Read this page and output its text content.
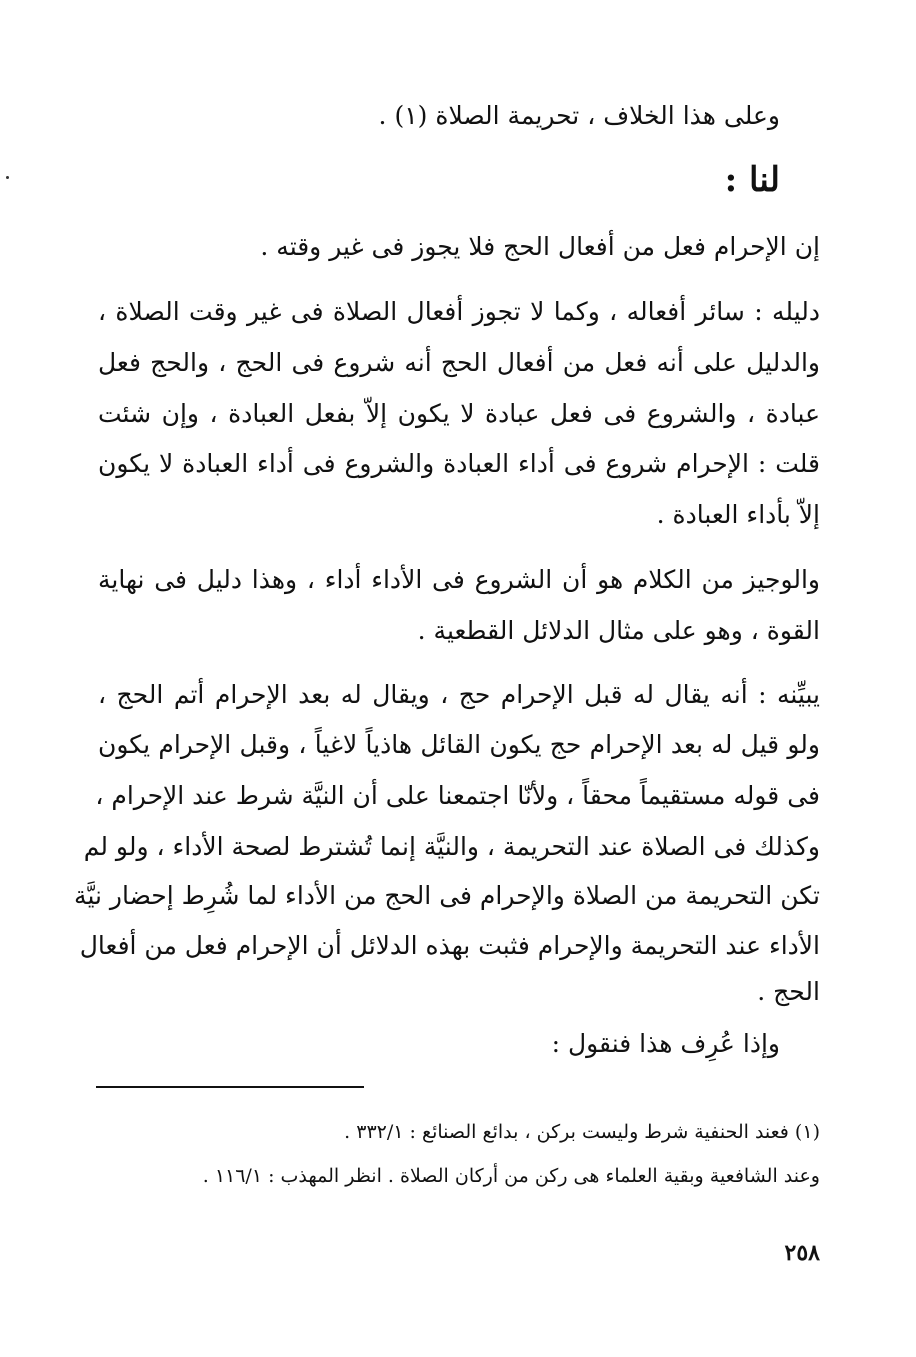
وعلى هذا الخلاف ، تحريمة الصلاة (١) .
لنا :
إن الإحرام فعل من أفعال الحج فلا يجوز فى غير وقته .
دليله : سائر أفعاله ، وكما لا تجوز أفعال الصلاة فى غير وقت الصلاة ،
والدليل على أنه فعل من أفعال الحج أنه شروع فى الحج ، والحج فعل
عبادة ، والشروع فى فعل عبادة لا يكون إلاّ بفعل العبادة ، وإن شئت
قلت : الإحرام شروع فى أداء العبادة والشروع فى أداء العبادة لا يكون
إلاّ بأداء العبادة .
والوجيز من الكلام هو أن الشروع فى الأداء أداء ، وهذا دليل فى نهاية
القوة ، وهو على مثال الدلائل القطعية .
يبيِّنه : أنه يقال له قبل الإحرام حج ، ويقال له بعد الإحرام أتم الحج ،
ولو قيل له بعد الإحرام حج يكون القائل هاذياً لاغياً ، وقبل الإحرام يكون
فى قوله مستقيماً محقاً ، ولأنّا اجتمعنا على أن النيَّة شرط عند الإحرام ،
وكذلك فى الصلاة عند التحريمة ، والنيَّة إنما تُشترط لصحة الأداء ، ولو لم
تكن التحريمة من الصلاة والإحرام فى الحج من الأداء لما شُرِط إحضار نيَّة
الأداء عند التحريمة والإحرام فثبت بهذه الدلائل أن الإحرام فعل من أفعال
الحج .
وإذا عُرِف هذا فنقول :
(١) فعند الحنفية شرط وليست بركن ، بدائع الصنائع : ٣٣٢/١ .
وعند الشافعية وبقية العلماء هى ركن من أركان الصلاة . انظر المهذب : ١١٦/١ .
٢٥٨
